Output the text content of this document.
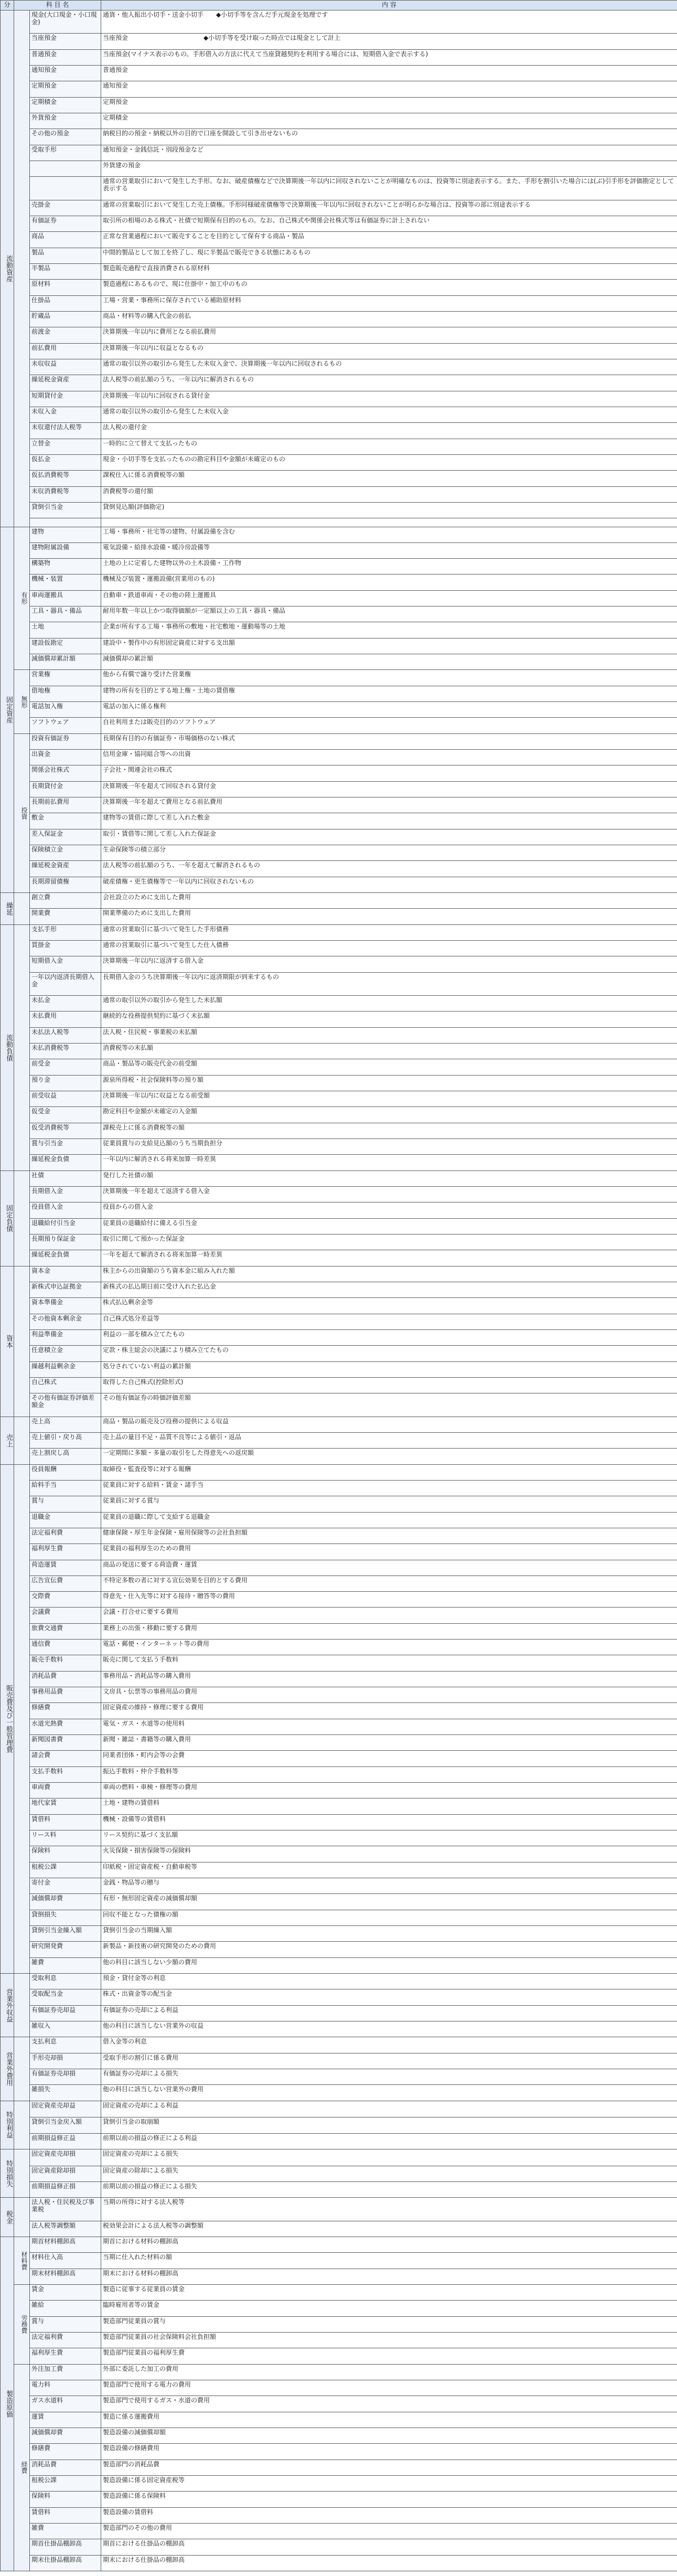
分	科 目 名		内 容
流動資産		現金(大口現金・小口現金)	通貨・他人振出小切手・送金小切手　　◆小切手等を含んだ手元現金を処理です
		当座預金	当座預金　　　　　　　　　　　　◆小切手等を受け取った時点では現金として計上
		普通預金	当座預金(マイナス表示のもの。手形借入の方法に代えて当座貸越契約を利用する場合には、短期借入金で表示する)
		通知預金	普通預金
		定期預金	通知預金
		定期積金	定期預金
		外貨預金	定期積金
		その他の預金	納税目的の預金・納税以外の目的で口座を開設して引き出せないもの
		受取手形	通知預金・金銭信託・別段預金など
			外貨建の預金
			通常の営業取引において発生した手形。なお、破産債権などで決算期後一年以内に回収されないことが明確なものは、投資等に別途表示する。また、手形を割引いた場合には(ぶ)引手形を評価勘定として表示する
		売掛金	通常の営業取引において発生した売上債権。手形同様破産債権等で決算期後一年以内に回収されないことが明らかな場合は、投資等の部に別途表示する
		有価証券	取引所の相場のある株式・社債で短期保有目的のもの。なお、自己株式や関係会社株式等は有価証券に計上されない
		商品	正常な営業過程において販売することを目的として保有する商品・製品
		製品	中間的製品として加工を終了し、現に半製品で販売できる状態にあるもの
		半製品	製造販売過程で直接消費される原材料
		原材料	製造過程にあるもので、現に仕掛中・加工中のもの
		仕掛品	工場・営業・事務所に保存されている補助原材料
		貯蔵品	商品・材料等の購入代金の前払
		前渡金	決算期後一年以内に費用となる前払費用
		前払費用	決算期後一年以内に収益となるもの
		未収収益	通常の取引以外の取引から発生した未収入金で、決算期後一年以内に回収されるもの
		繰延税金資産	法人税等の前払額のうち、一年以内に解消されるもの
		短期貸付金	決算期後一年以内に回収される貸付金
		未収入金	通常の取引以外の取引から発生した未収入金
		未収還付法人税等	法人税の還付金
		立替金	一時的に立て替えて支払ったもの
		仮払金	現金・小切手等を支払ったものの勘定科目や金額が未確定のもの
		仮払消費税等	課税仕入に係る消費税等の額
		未収消費税等	消費税等の還付額
		貸倒引当金	貸倒見込額(評価勘定)

固定資産	有形	建物	工場・事務所・社宅等の建物、付属設備を含む
		建物附属設備	電気設備・給排水設備・暖冷房設備等
		構築物	土地の上に定着した建物以外の土木設備・工作物
		機械・装置	機械及び装置・運搬設備(営業用のもの)
		車両運搬具	自動車・鉄道車両・その他の陸上運搬具
		工具・器具・備品	耐用年数一年以上かつ取得価額が一定額以上の工具・器具・備品
		土地	企業が所有する工場・事務所の敷地・社宅敷地・運動場等の土地
		建設仮勘定	建設中・製作中の有形固定資産に対する支出額
		減価償却累計額	減価償却の累計額
	無形	営業権	他から有償で譲り受けた営業権
		借地権	建物の所有を目的とする地上権・土地の賃借権
		電話加入権	電話の加入に係る権利
		ソフトウェア	自社利用または販売目的のソフトウェア
	投資	投資有価証券	長期保有目的の有価証券・市場価格のない株式
		出資金	信用金庫・協同組合等への出資
		関係会社株式	子会社・関連会社の株式
		長期貸付金	決算期後一年を超えて回収される貸付金
		長期前払費用	決算期後一年を超えて費用となる前払費用
		敷金	建物等の賃借に際して差し入れた敷金
		差入保証金	取引・賃借等に関して差し入れた保証金
		保険積立金	生命保険等の積立部分
		繰延税金資産	法人税等の前払額のうち、一年を超えて解消されるもの
		長期滞留債権	破産債権・更生債権等で一年以内に回収されないもの
繰延		創立費	会社設立のために支出した費用
		開業費	開業準備のために支出した費用
流動負債		支払手形	通常の営業取引に基づいて発生した手形債務
		買掛金	通常の営業取引に基づいて発生した仕入債務
		短期借入金	決算期後一年以内に返済する借入金
		一年以内返済長期借入金	長期借入金のうち決算期後一年以内に返済期限が到来するもの
		未払金	通常の取引以外の取引から発生した未払額
		未払費用	継続的な役務提供契約に基づく未払額
		未払法人税等	法人税・住民税・事業税の未払額
		未払消費税等	消費税等の未払額
		前受金	商品・製品等の販売代金の前受額
		預り金	源泉所得税・社会保険料等の預り額
		前受収益	決算期後一年以内に収益となる前受額
		仮受金	勘定科目や金額が未確定の入金額
		仮受消費税等	課税売上に係る消費税等の額
		賞与引当金	従業員賞与の支給見込額のうち当期負担分
		繰延税金負債	一年以内に解消される将来加算一時差異
固定負債		社債	発行した社債の額
		長期借入金	決算期後一年を超えて返済する借入金
		役員借入金	役員からの借入金
		退職給付引当金	従業員の退職給付に備える引当金
		長期預り保証金	取引に関して預かった保証金
		繰延税金負債	一年を超えて解消される将来加算一時差異
資本		資本金	株主からの出資額のうち資本金に組み入れた額
		新株式申込証拠金	新株式の払込期日前に受け入れた払込金
		資本準備金	株式払込剰余金等
		その他資本剰余金	自己株式処分差益等
		利益準備金	利益の一部を積み立てたもの
		任意積立金	定款・株主総会の決議により積み立てたもの
		繰越利益剰余金	処分されていない利益の累計額
		自己株式	取得した自己株式(控除形式)
		その他有価証券評価差額金	その他有価証券の時価評価差額
売上		売上高	商品・製品の販売及び役務の提供による収益
		売上値引・戻り高	売上品の量目不足・品質不良等による値引・返品
		売上割戻し高	一定期間に多額・多量の取引をした得意先への返戻額
販売費及び一般管理費		役員報酬	取締役・監査役等に対する報酬
		給料手当	従業員に対する給料・賃金・諸手当
		賞与	従業員に対する賞与
		退職金	従業員の退職に際して支給する退職金
		法定福利費	健康保険・厚生年金保険・雇用保険等の会社負担額
		福利厚生費	従業員の福利厚生のための費用
		荷造運賃	商品の発送に要する荷造費・運賃
		広告宣伝費	不特定多数の者に対する宣伝効果を目的とする費用
		交際費	得意先・仕入先等に対する接待・贈答等の費用
		会議費	会議・打合せに要する費用
		旅費交通費	業務上の出張・移動に要する費用
		通信費	電話・郵便・インターネット等の費用
		販売手数料	販売に関して支払う手数料
		消耗品費	事務用品・消耗品等の購入費用
		事務用品費	文房具・伝票等の事務用品の費用
		修繕費	固定資産の維持・修理に要する費用
		水道光熱費	電気・ガス・水道等の使用料
		新聞図書費	新聞・雑誌・書籍等の購入費用
		諸会費	同業者団体・町内会等の会費
		支払手数料	振込手数料・仲介手数料等
		車両費	車両の燃料・車検・修理等の費用
		地代家賃	土地・建物の賃借料
		賃借料	機械・設備等の賃借料
		リース料	リース契約に基づく支払額
		保険料	火災保険・損害保険等の保険料
		租税公課	印紙税・固定資産税・自動車税等
		寄付金	金銭・物品等の贈与
		減価償却費	有形・無形固定資産の減価償却額
		貸倒損失	回収不能となった債権の額
		貸倒引当金繰入額	貸倒引当金の当期繰入額
		研究開発費	新製品・新技術の研究開発のための費用
		雑費	他の科目に該当しない少額の費用
営業外収益		受取利息	預金・貸付金等の利息
		受取配当金	株式・出資金等の配当金
		有価証券売却益	有価証券の売却による利益
		雑収入	他の科目に該当しない営業外の収益
営業外費用		支払利息	借入金等の利息
		手形売却損	受取手形の割引に係る費用
		有価証券売却損	有価証券の売却による損失
		雑損失	他の科目に該当しない営業外の費用
特別利益		固定資産売却益	固定資産の売却による利益
		貸倒引当金戻入額	貸倒引当金の取崩額
		前期損益修正益	前期以前の損益の修正による利益
特別損失		固定資産売却損	固定資産の売却による損失
		固定資産除却損	固定資産の除却による損失
		前期損益修正損	前期以前の損益の修正による損失
税金		法人税・住民税及び事業税	当期の所得に対する法人税等
		法人税等調整額	税効果会計による法人税等の調整額
製造原価	材料費	期首材料棚卸高	期首における材料の棚卸高
		材料仕入高	当期に仕入れた材料の額
		期末材料棚卸高	期末における材料の棚卸高
	労務費	賃金	製造に従事する従業員の賃金
		雑給	臨時雇用者等の賃金
		賞与	製造部門従業員の賞与
		法定福利費	製造部門従業員の社会保険料会社負担額
		福利厚生費	製造部門従業員の福利厚生費
	経費	外注加工費	外部に委託した加工の費用
		電力料	製造部門で使用する電力の費用
		ガス水道料	製造部門で使用するガス・水道の費用
		運賃	製造に係る運搬費用
		減価償却費	製造設備の減価償却額
		修繕費	製造設備の修繕費用
		消耗品費	製造部門の消耗品費
		租税公課	製造設備に係る固定資産税等
		保険料	製造設備に係る保険料
		賃借料	製造設備の賃借料
		雑費	製造部門のその他の費用
		期首仕掛品棚卸高	期首における仕掛品の棚卸高
		期末仕掛品棚卸高	期末における仕掛品の棚卸高
